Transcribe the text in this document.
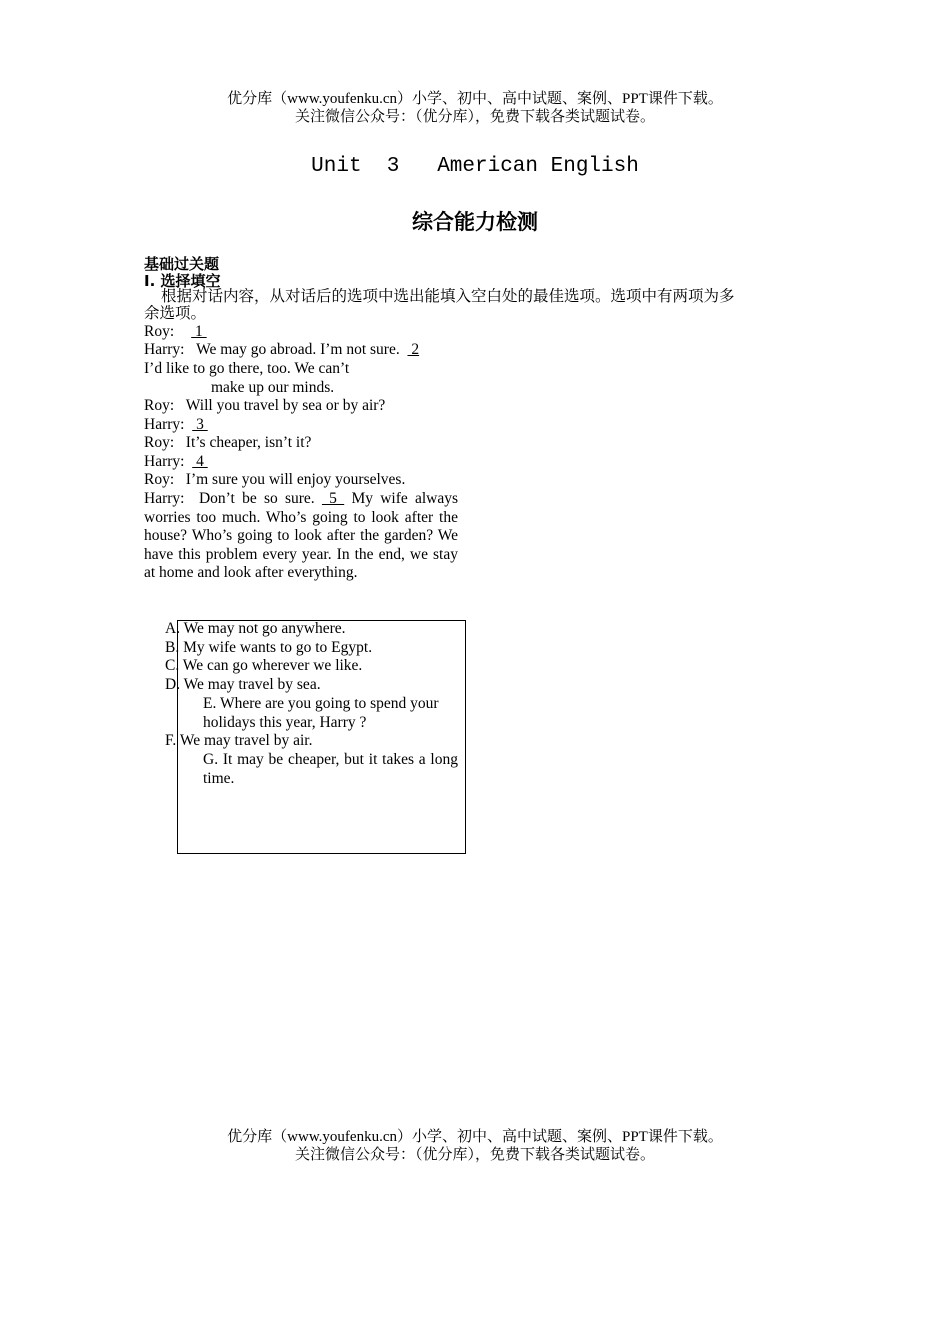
优分库（www.youfenku.cn）小学、初中、高中试题、案例、PPT课件下载。
关注微信公众号：（优分库），免费下载各类试题试卷。
Unit  3   American English
综合能力检测
基础过关题
I. 选择填空
根据对话内容，从对话后的选项中选出能填入空白处的最佳选项。选项中有两项为多余选项。
Roy: 1
Harry: We may go abroad. I’m not sure.   2
I’d like to go there, too. We can’t
make up our minds.
Roy: Will you travel by sea or by air?
Harry:   3
Roy: It’s cheaper, isn’t it?
Harry:   4
Roy: I’m sure you will enjoy yourselves.
Harry: Don’t be so sure.  5  My wife always worries too much. Who’s going to look after the house? Who’s going to look after the garden? We have this problem every year. In the end, we stay at home and look after everything.
A. We may not go anywhere.
B. My wife wants to go to Egypt.
C. We can go wherever we like.
D. We may travel by sea.
E. Where are you going to spend your holidays this year, Harry ?
F. We may travel by air.
G. It may be cheaper, but it takes a long time.
优分库（www.youfenku.cn）小学、初中、高中试题、案例、PPT课件下载。
关注微信公众号：（优分库），免费下载各类试题试卷。
